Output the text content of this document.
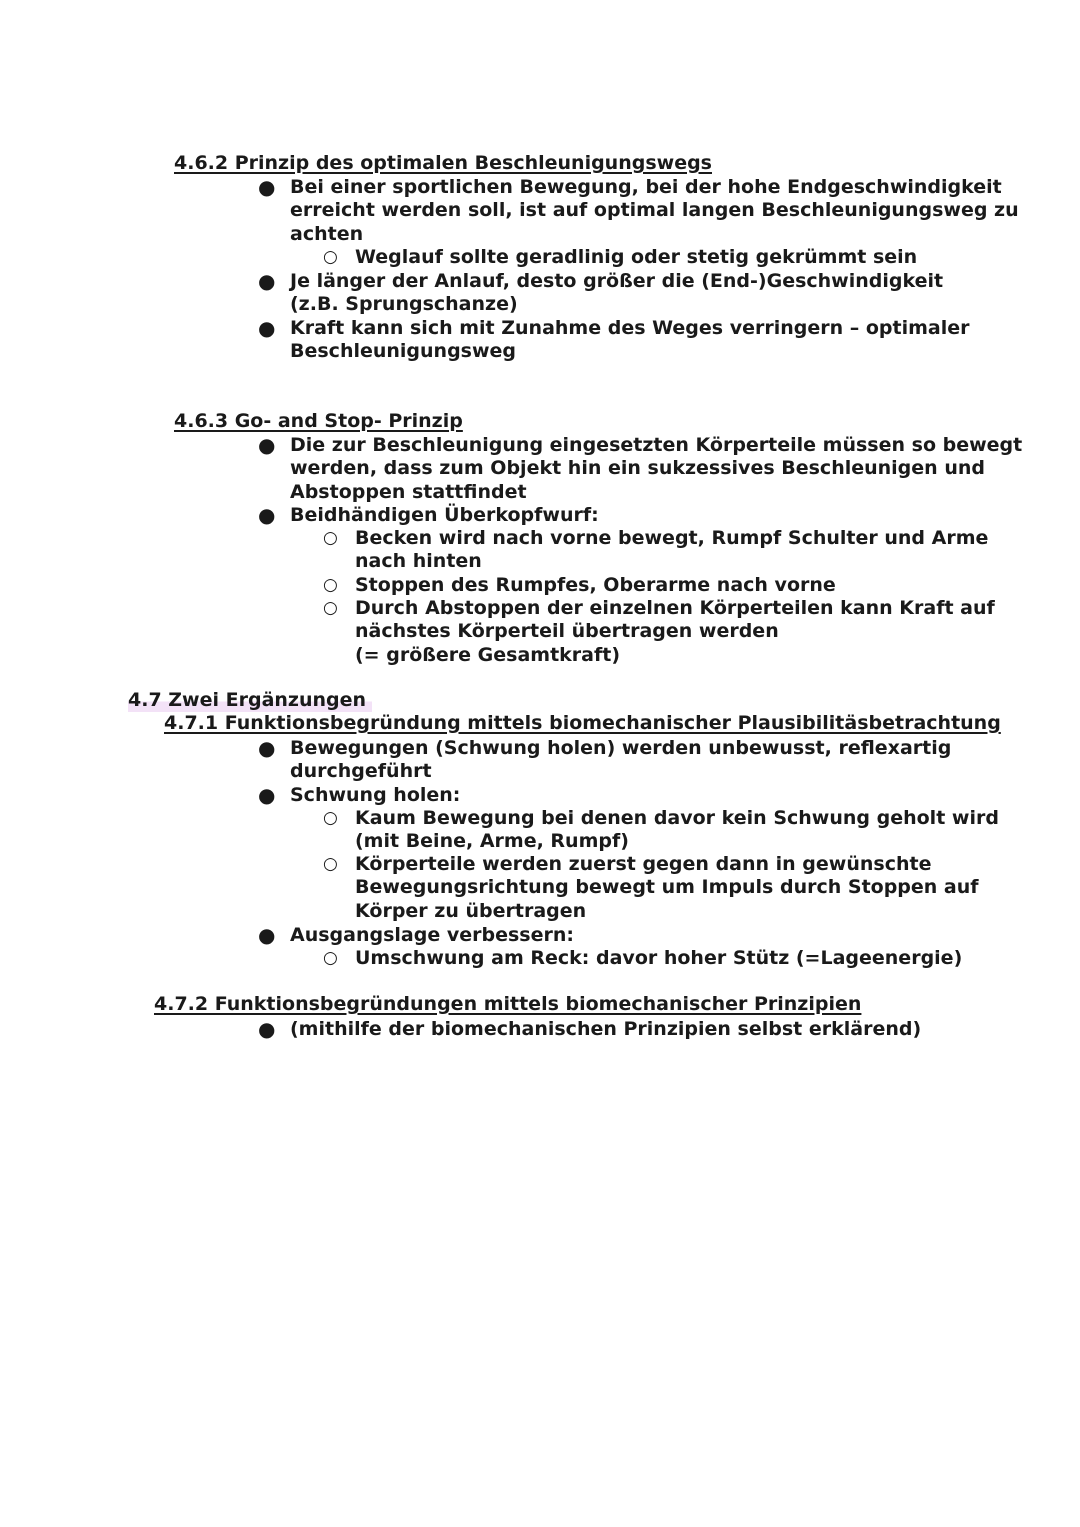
4.6.2 Prinzip des optimalen Beschleunigungswegs
● Bei einer sportlichen Bewegung, bei der hohe Endgeschwindigkeit
erreicht werden soll, ist auf optimal langen Beschleunigungsweg zu
achten
○ Weglauf sollte geradlinig oder stetig gekrümmt sein
● Je länger der Anlauf, desto größer die (End-)Geschwindigkeit
(z.B. Sprungschanze)
● Kraft kann sich mit Zunahme des Weges verringern – optimaler
Beschleunigungsweg
4.6.3 Go- and Stop- Prinzip
● Die zur Beschleunigung eingesetzten Körperteile müssen so bewegt
werden, dass zum Objekt hin ein sukzessives Beschleunigen und
Abstoppen stattfindet
● Beidhändigen Überkopfwurf:
○ Becken wird nach vorne bewegt, Rumpf Schulter und Arme
nach hinten
○ Stoppen des Rumpfes, Oberarme nach vorne
○ Durch Abstoppen der einzelnen Körperteilen kann Kraft auf
nächstes Körperteil übertragen werden
(= größere Gesamtkraft)
4.7 Zwei Ergänzungen
4.7.1 Funktionsbegründung mittels biomechanischer Plausibilitäsbetrachtung
● Bewegungen (Schwung holen) werden unbewusst, reflexartig
durchgeführt
● Schwung holen:
○ Kaum Bewegung bei denen davor kein Schwung geholt wird
(mit Beine, Arme, Rumpf)
○ Körperteile werden zuerst gegen dann in gewünschte
Bewegungsrichtung bewegt um Impuls durch Stoppen auf
Körper zu übertragen
● Ausgangslage verbessern:
○ Umschwung am Reck: davor hoher Stütz (=Lageenergie)
4.7.2 Funktionsbegründungen mittels biomechanischer Prinzipien
● (mithilfe der biomechanischen Prinzipien selbst erklärend)
